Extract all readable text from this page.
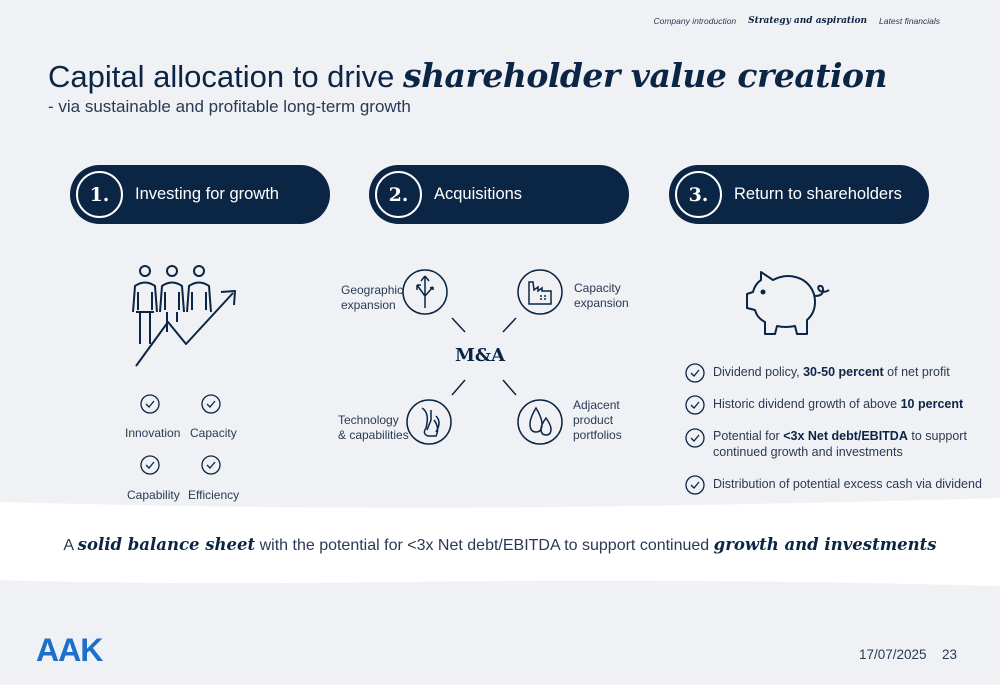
Company introduction Strategy and aspiration Latest financials
Capital allocation to drive shareholder value creation
- via sustainable and profitable long-term growth
1.	Investing for growth	2.	Acquisitions	3.	Return to shareholders
Innovation Capacity
Capability Efficiency
M&A
Geographic
expansion
Capacity
expansion
Technology
& capabilities
Adjacent
product
portfolios
Dividend policy, 30-50 percent of net profit
Historic dividend growth of above 10 percent
Potential for <3x Net debt/EBITDA to support
continued growth and investments
Distribution of potential excess cash via dividend
A solid balance sheet with the potential for <3x Net debt/EBITDA to support continued growth and investments
AAK	17/07/2025 23
